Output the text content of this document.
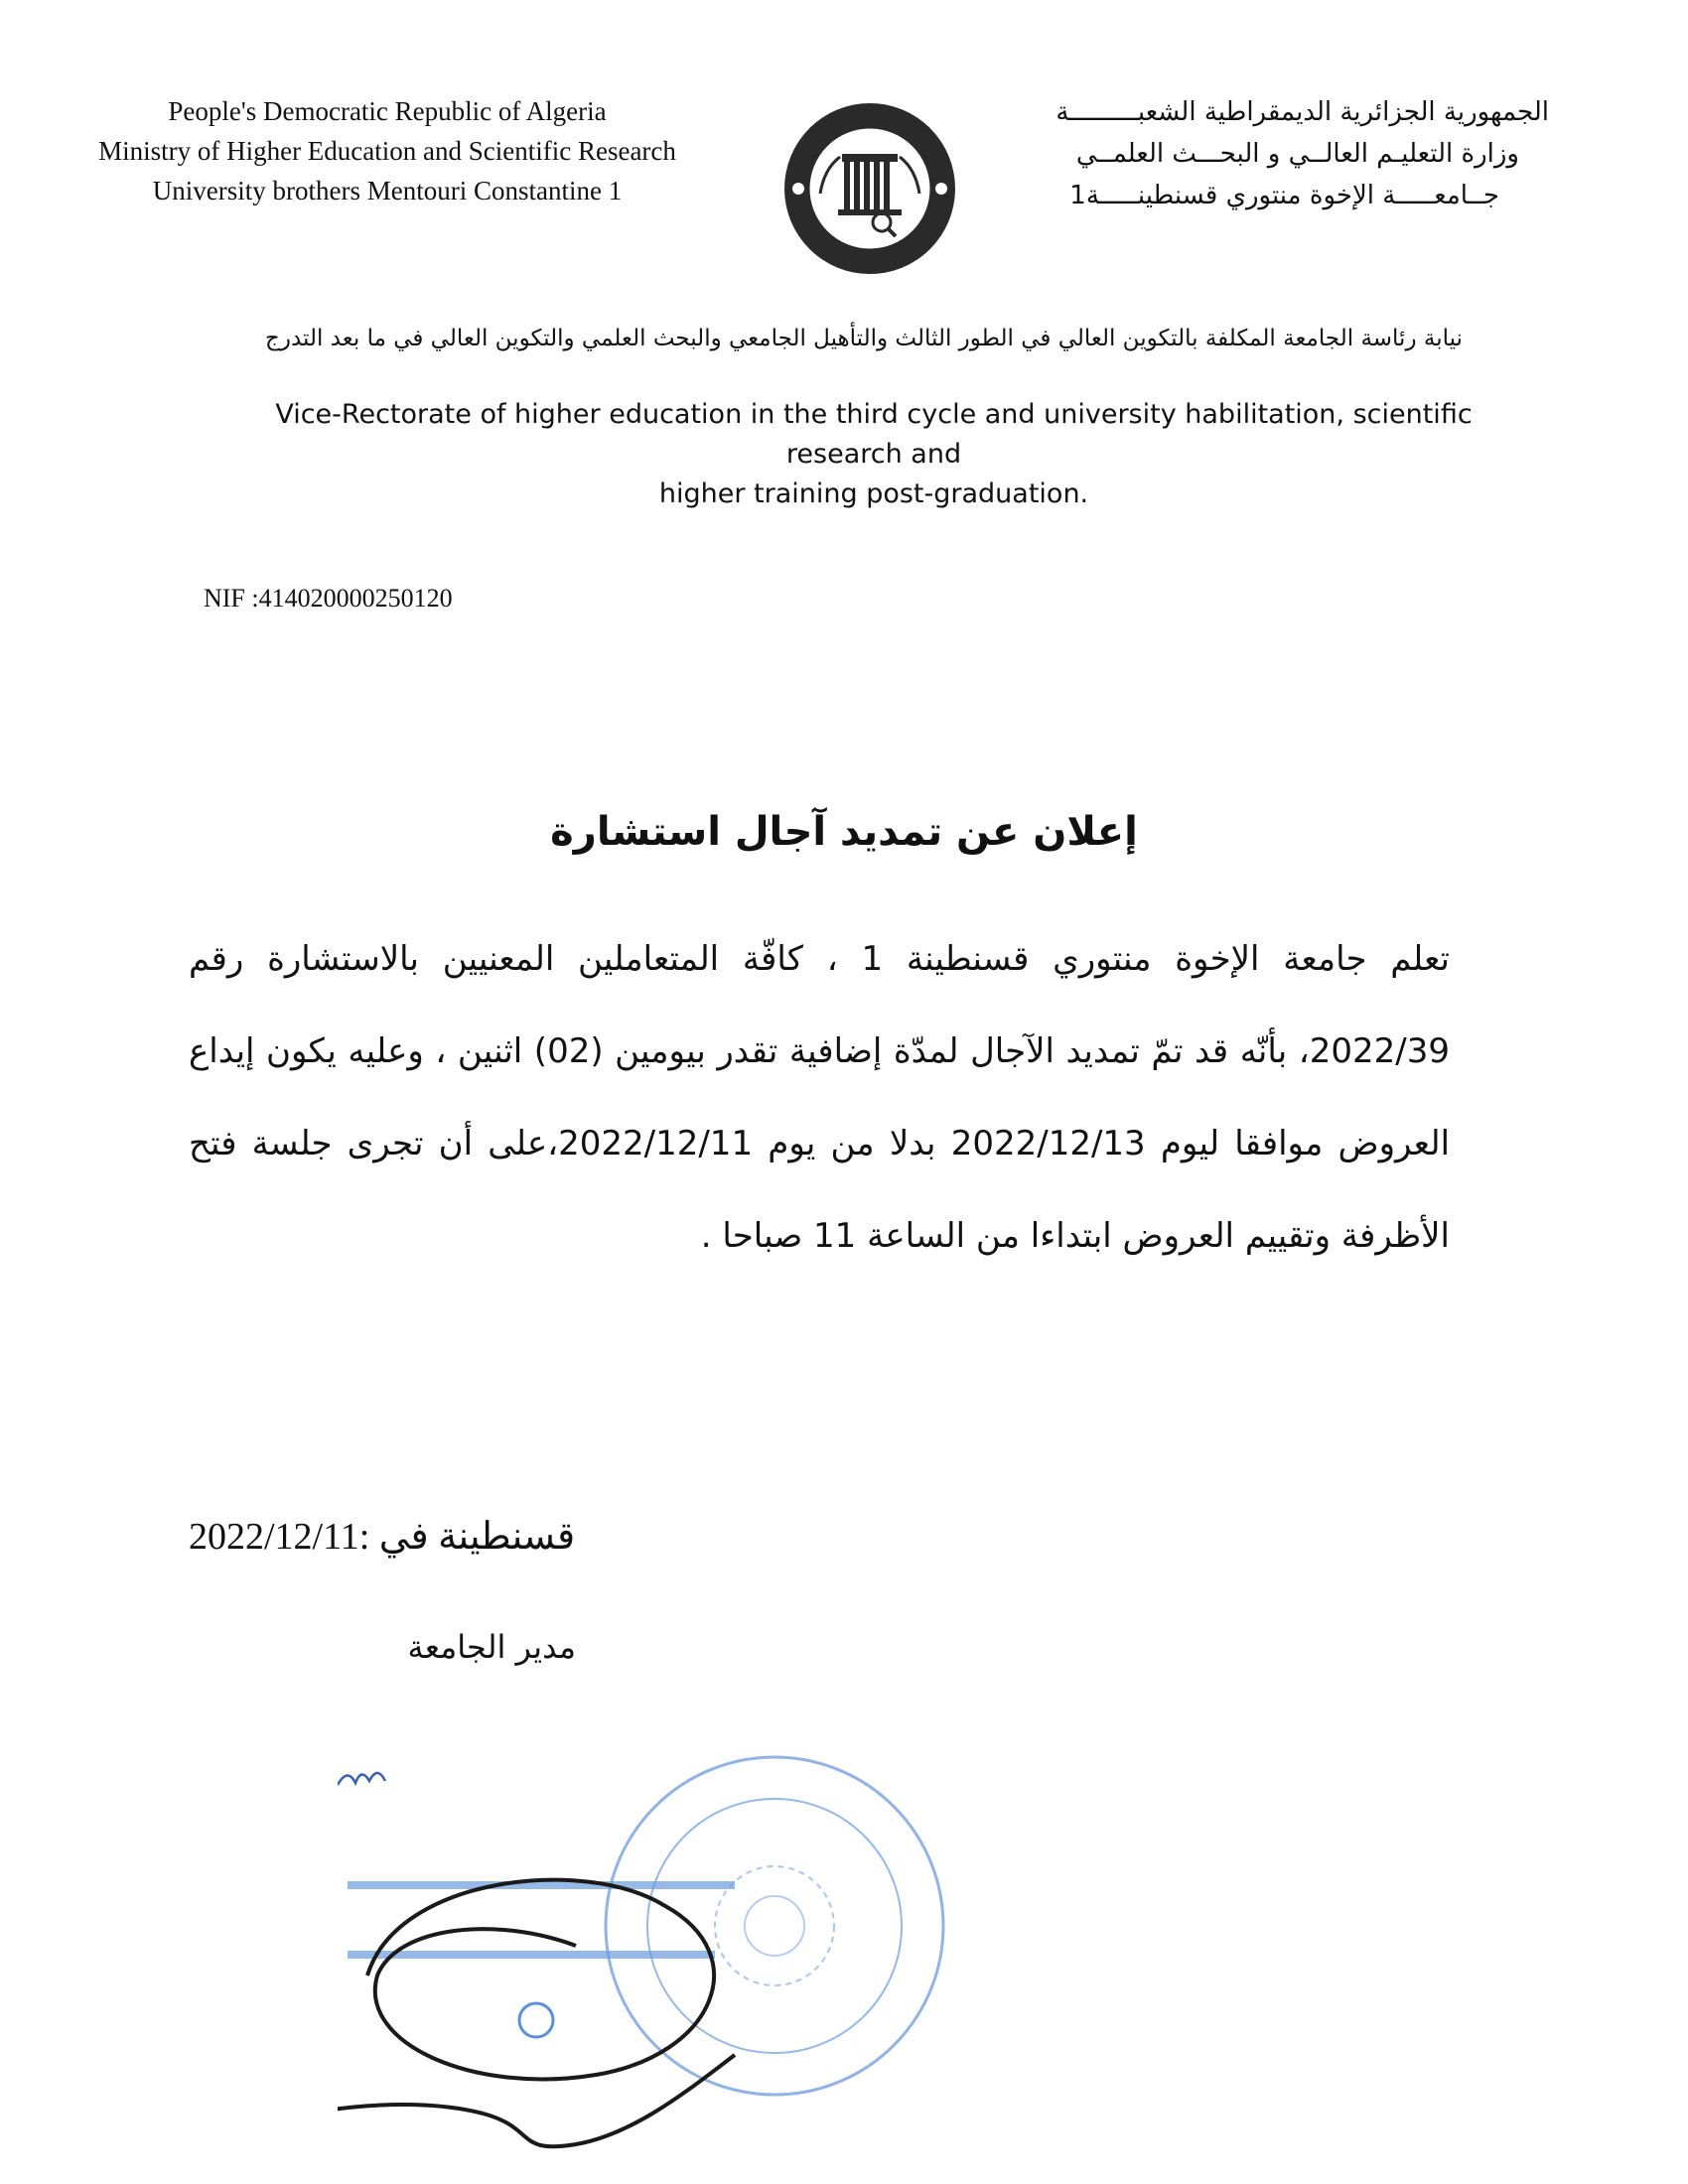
People's Democratic Republic of Algeria
Ministry of Higher Education and Scientific Research
University brothers Mentouri Constantine 1
الجمهورية الجزائرية الديمقراطية الشعبـــــــــة
وزارة التعليـم العالــي و البحـــث العلمــي
جــامعـــــة الإخوة منتوري قسنطينـــــة1
نيابة رئاسة الجامعة المكلفة بالتكوين العالي في الطور الثالث والتأهيل الجامعي والبحث العلمي والتكوين العالي في ما بعد التدرج
Vice-Rectorate of higher education in the third cycle and university habilitation, scientific research and
higher training post-graduation.
NIF :414020000250120
إعلان عن تمديد آجال استشارة
تعلم جامعة الإخوة منتوري قسنطينة 1 ، كافّة المتعاملين المعنيين بالاستشارة رقم 2022/39، بأنّه قد تمّ تمديد الآجال لمدّة إضافية تقدر بيومين (02) اثنين ، وعليه يكون إيداع العروض موافقا ليوم 2022/12/13 بدلا من يوم 2022/12/11،على أن تجرى جلسة فتح الأظرفة وتقييم العروض ابتداءا من الساعة 11 صباحا .
قسنطينة في :2022/12/11
مدير الجامعة
